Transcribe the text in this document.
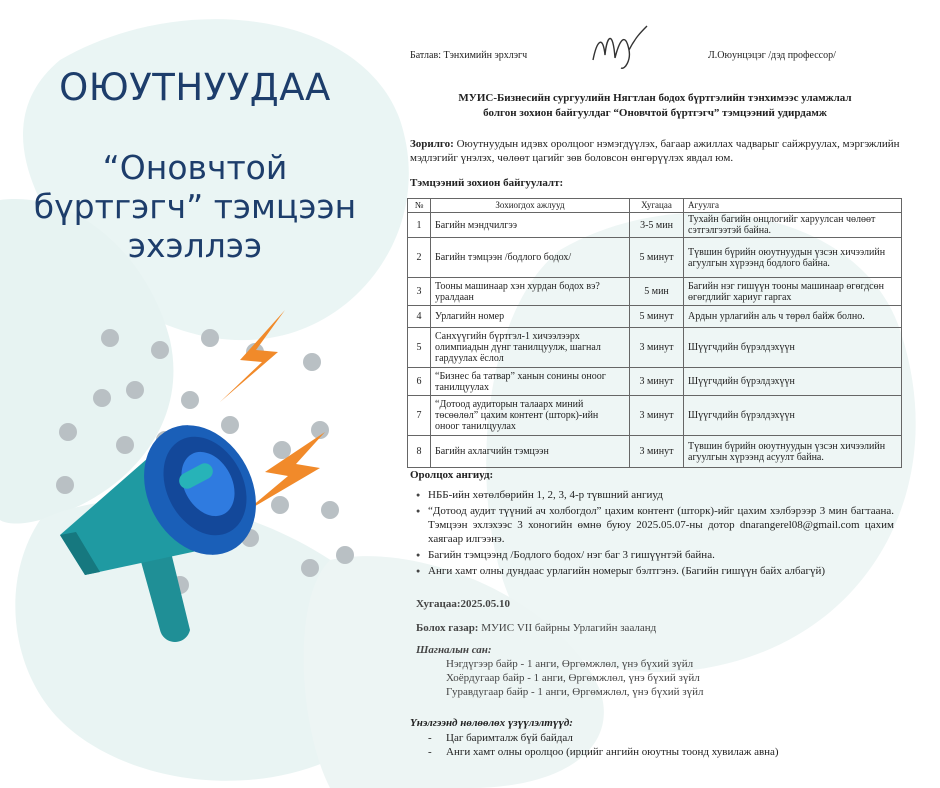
ОЮУТНУУДАА
“Оновчтой
бүртгэгч” тэмцээн
эхэллээ
Батлав: Тэнхимийн эрхлэгч	Л.Оюунцэцэг /дэд профессор/
МУИС-Бизнесийн сургуулийн Нягтлан бодох бүртгэлийн тэнхимээс уламжлал
болгон зохион байгуулдаг “Оновчтой бүртгэгч” тэмцээний удирдамж
Зорилго: Оюутнуудын идэвх оролцоог нэмэгдүүлэх, багаар ажиллах чадварыг сайжруулах, мэргэжлийн мэдлэгийг үнэлэх, чөлөөт цагийг зөв боловсон өнгөрүүлэх явдал юм.
Тэмцээний зохион байгуулалт:
№	Зохиогдох ажлууд	Хугацаа	Агуулга
1	Багийн мэндчилгээ	3-5 мин	Тухайн багийн онцлогийг харуулсан чөлөөт сэтгэлгээтэй байна.
2	Багийн тэмцээн /бодлого бодох/	5 минут	Түвшин бүрийн оюутнуудын үзсэн хичээлийн агуулгын хүрээнд бодлого байна.
3	Тооны машинаар хэн хурдан бодох вэ? уралдаан	5 мин	Багийн нэг гишүүн тооны машинаар өгөгдсөн өгөгдлийг хариуг гаргах
4	Урлагийн номер	5 минут	Ардын урлагийн аль ч төрөл байж болно.
5	Санхүүгийн бүртгэл-1 хичээлээрх олимпиадын дүнг танилцуулж, шагнал гардуулах ёслол	3 минут	Шүүгчдийн бүрэлдэхүүн
6	“Бизнес ба татвар” ханын сонины оноог танилцуулах	3 минут	Шүүгчдийн бүрэлдэхүүн
7	“Дотоод аудиторын талаарх миний төсөөлөл” цахим контент (шторк)-ийн оноог танилцуулах	3 минут	Шүүгчдийн бүрэлдэхүүн
8	Багийн ахлагчийн тэмцээн	3 минут	Түвшин бүрийн оюутнуудын үзсэн хичээлийн агуулгын хүрээнд асуулт байна.
Оролцох ангиуд:
● НББ-ийн хөтөлбөрийн 1, 2, 3, 4-р түвшний ангиуд
● “Дотоод аудит түүний ач холбогдол” цахим контент (шторк)-ийг цахим хэлбэрээр 3 мин багтаана. Тэмцээн эхлэхээс 3 хоногийн өмнө буюу 2025.05.07-ны дотор dnarangerel08@gmail.com цахим хаягаар илгээнэ.
● Багийн тэмцээнд /Бодлого бодох/ нэг баг 3 гишүүнтэй байна.
● Анги хамт олны дундаас урлагийн номерыг бэлтгэнэ. (Багийн гишүүн байх албагүй)
Хугацаа:2025.05.10
Болох газар: МУИС VII байрны Урлагийн зааланд
Шагналын сан:
Нэгдүгээр байр - 1 анги, Өргөмжлөл, үнэ бүхий зүйл
Хоёрдугаар байр - 1 анги, Өргөмжлөл, үнэ бүхий зүйл
Гуравдугаар байр - 1 анги, Өргөмжлөл, үнэ бүхий зүйл
Үнэлгээнд нөлөөлөх үзүүлэлтүүд:
- Цаг баримталж бүй байдал
- Анги хамт олны оролцоо (ирцийг ангийн оюутны тоонд хувилаж авна)
